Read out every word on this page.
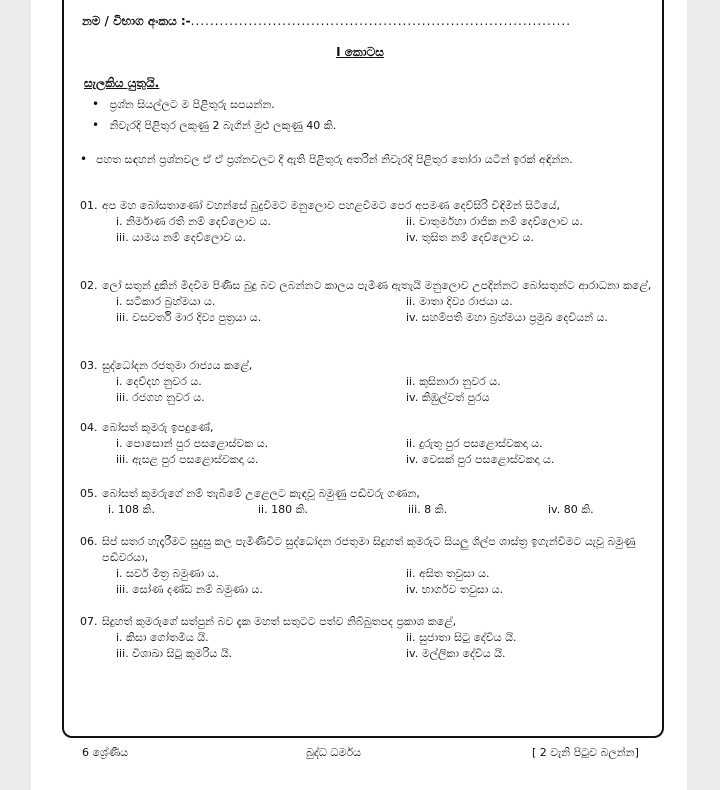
නම / විභාග අංකය :-...............................................................................
I කොටස
සැලකිය යුතුයි.
• ප්‍රශ්න සියල්ලට ම පිළිතුරු සපයන්න.
• නිවැරදි පිළිතුර ලකුණු 2 බැගින් මුළු ලකුණු 40 කි.
• පහත සඳහන් ප්‍රශ්නවල ඒ ඒ ප්‍රශ්නවලට දී ඇති පිළිතුරු අතරින් නිවැරදි පිළිතුර තෝරා යටින් ඉරක් අඳින්න.
01. අප මහ බෝසතාණෝ වහන්සේ බුදුවීමට මනුලොව පහළවීමට පෙර අපමණ දෙව්සිරි විඳිමින් සිටියේ,
i. නිර්මාණ රති නම් දෙව්ලොව ය.	ii. චාතුර්මහා රාජික නම් දෙව්ලොව ය.
iii. යාමය නම් දෙව්ලොව ය.	iv. තුසිත නම් දෙව්ලොව ය.
02. ලෝ සතුන් දුකින් මිදවීම පිණිස බුදු බව ලබන්නට කාලය පැමිණ ඇතැයි මනුලොව උපදින්නට බෝසතුන්ට ආරාධනා කළේ,
i. සටිකාර බ්‍රහ්මයා ය.	ii. මාතා දිව්‍ය රාජයා ය.
iii. වසවර්ති මාර දිව්‍ය පුත්‍රයා ය.	iv. සහම්පති මහා බ්‍රහ්මයා ප්‍රමුඛ දෙවියන් ය.
03. සුද්ධෝදන රජතුමා රාජ්‍යය කළේ,
i. දෙව්දහ නුවර ය.	ii. කුසිනාරා නුවර ය.
iii. රජගහ නුවර ය.	iv. කිඹුල්වත් පුරය
04. බෝසත් කුමරු ඉපදුණේ,
i. පොසොන් පුර පසළොස්වක ය.	ii. දුරුතු පුර පසළොස්වකදා ය.
iii. ඇසළ පුර පසළොස්වකදා ය.	iv. වෙසක් පුර පසළොස්වකදා ය.
05. බෝසත් කුමරුගේ නම් තැබීමේ උළෙලට කැඳවූ බමුණු පඬිවරු ගණන,
i. 108 කි.	ii. 180 කි.	iii. 8 කි.	iv. 80 කි.
06. සිප් සතර හැදෑරීමට සුදුසු කල පැමිණිවිට සුද්ධෝදන රජතුමා සිදුහත් කුමරුට සියලු ශිල්ප ශාස්ත්‍ර ඉගැන්වීමට යැවූ බමුණු පඬිවරයා,
i. සර්ව මිත්‍ර බමුණා ය.	ii. අසිත තවුසා ය.
iii. සෝණ දණ්ඩ නම් බමුණා ය.	iv. භාර්ගව තවුසා ය.
07. සිදුහත් කුමරුගේ සත්පුන් බව දැක මහත් සතුටට පත්ව නිබ්බුතපද ප්‍රකාශ කළේ,
i. කිසා ගෝතමිය යි.	ii. සුජාතා සිටු දේවිය යි.
iii. විශාඛා සිටු කුමරිය යි.	iv. මල්ලිකා දේවිය යි.
6 ශ්‍රේණිය	බුද්ධ ධර්මය	[ 2 වැනි පිටුව බලන්න]
